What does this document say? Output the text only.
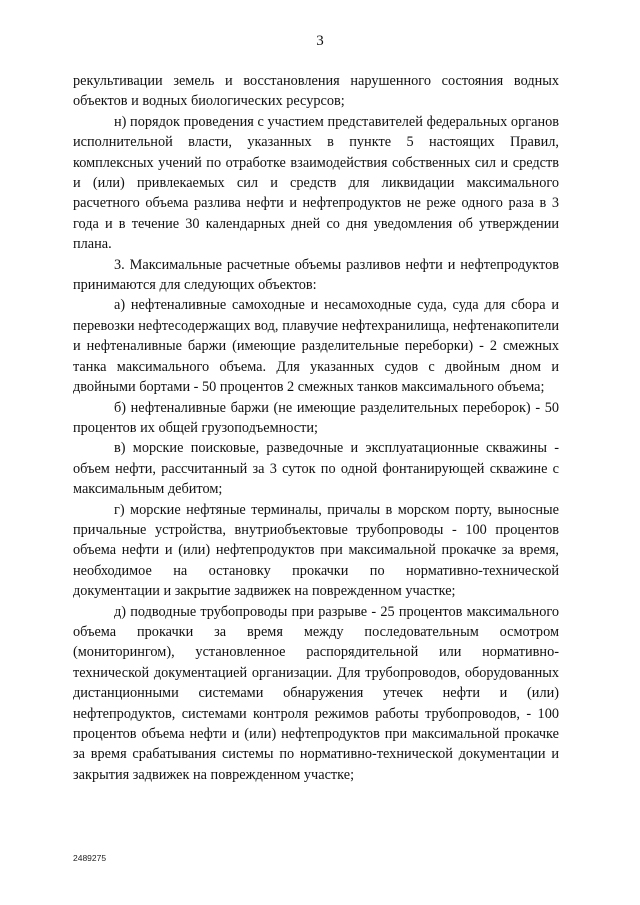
3

рекультивации земель и восстановления нарушенного состояния водных объектов и водных биологических ресурсов;

н) порядок проведения с участием представителей федеральных органов исполнительной власти, указанных в пункте 5 настоящих Правил, комплексных учений по отработке взаимодействия собственных сил и средств и (или) привлекаемых сил и средств для ликвидации максимального расчетного объема разлива нефти и нефтепродуктов не реже одного раза в 3 года и в течение 30 календарных дней со дня уведомления об утверждении плана.

3. Максимальные расчетные объемы разливов нефти и нефтепродуктов принимаются для следующих объектов:

а) нефтеналивные самоходные и несамоходные суда, суда для сбора и перевозки нефтесодержащих вод, плавучие нефтехранилища, нефтенакопители и нефтеналивные баржи (имеющие разделительные переборки) - 2 смежных танка максимального объема. Для указанных судов с двойным дном и двойными бортами - 50 процентов 2 смежных танков максимального объема;

б) нефтеналивные баржи (не имеющие разделительных переборок) - 50 процентов их общей грузоподъемности;

в) морские поисковые, разведочные и эксплуатационные скважины - объем нефти, рассчитанный за 3 суток по одной фонтанирующей скважине с максимальным дебитом;

г) морские нефтяные терминалы, причалы в морском порту, выносные причальные устройства, внутриобъектовые трубопроводы - 100 процентов объема нефти и (или) нефтепродуктов при максимальной прокачке за время, необходимое на остановку прокачки по нормативно-технической документации и закрытие задвижек на поврежденном участке;

д) подводные трубопроводы при разрыве - 25 процентов максимального объема прокачки за время между последовательным осмотром (мониторингом), установленное распорядительной или нормативно-технической документацией организации. Для трубопроводов, оборудованных дистанционными системами обнаружения утечек нефти и (или) нефтепродуктов, системами контроля режимов работы трубопроводов, - 100 процентов объема нефти и (или) нефтепродуктов при максимальной прокачке за время срабатывания системы по нормативно-технической документации и закрытия задвижек на поврежденном участке;

2489275
